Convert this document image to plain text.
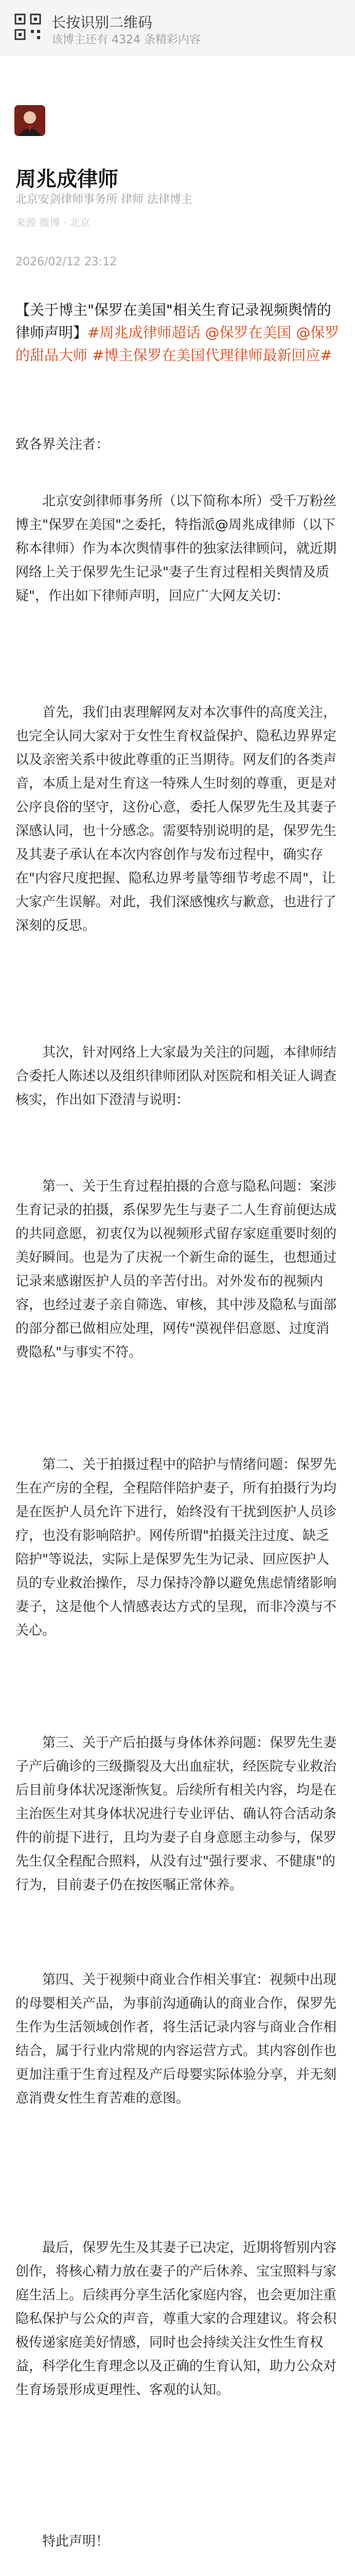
长按识别二维码
该博主还有 4324 条精彩内容
周兆成律师
北京安剑律师事务所 律师 法律博主
来源 微博 · 北京
2026/02/12 23:12
【关于博主"保罗在美国"相关生育记录视频舆情的律师声明】#周兆成律师超话 @保罗在美国 @保罗的甜品大师 #博主保罗在美国代理律师最新回应#

致各界关注者：

北京安剑律师事务所（以下简称本所）受千万粉丝博主"保罗在美国"之委托，特指派@周兆成律师（以下称本律师）作为本次舆情事件的独家法律顾问，就近期网络上关于保罗先生记录"妻子生育过程相关舆情及质疑"，作出如下律师声明，回应广大网友关切：

首先，我们由衷理解网友对本次事件的高度关注，也完全认同大家对于女性生育权益保护、隐私边界界定以及亲密关系中彼此尊重的正当期待。网友们的各类声音，本质上是对生育这一特殊人生时刻的尊重，更是对公序良俗的坚守，这份心意，委托人保罗先生及其妻子深感认同，也十分感念。需要特别说明的是，保罗先生及其妻子承认在本次内容创作与发布过程中，确实存在"内容尺度把握、隐私边界考量等细节考虑不周"，让大家产生误解。对此，我们深感愧疚与歉意，也进行了深刻的反思。

其次，针对网络上大家最为关注的问题，本律师结合委托人陈述以及组织律师团队对医院和相关证人调查核实，作出如下澄清与说明：

第一、关于生育过程拍摄的合意与隐私问题：案涉生育记录的拍摄，系保罗先生与妻子二人生育前便达成的共同意愿，初衷仅为以视频形式留存家庭重要时刻的美好瞬间。也是为了庆祝一个新生命的诞生，也想通过记录来感谢医护人员的辛苦付出。对外发布的视频内容，也经过妻子亲自筛选、审核，其中涉及隐私与面部的部分都已做相应处理，网传"漠视伴侣意愿、过度消费隐私"与事实不符。

第二、关于拍摄过程中的陪护与情绪问题：保罗先生在产房的全程，全程陪伴陪护妻子，所有拍摄行为均是在医护人员允许下进行，始终没有干扰到医护人员诊疗，也没有影响陪护。网传所谓"拍摄关注过度、缺乏陪护"等说法，实际上是保罗先生为记录、回应医护人员的专业救治操作，尽力保持冷静以避免焦虑情绪影响妻子，这是他个人情感表达方式的呈现，而非冷漠与不关心。

第三、关于产后拍摄与身体休养问题：保罗先生妻子产后确诊的三级撕裂及大出血症状，经医院专业救治后目前身体状况逐渐恢复。后续所有相关内容，均是在主治医生对其身体状况进行专业评估、确认符合活动条件的前提下进行，且均为妻子自身意愿主动参与，保罗先生仅全程配合照料，从没有过"强行要求、不健康"的行为，目前妻子仍在按医嘱正常休养。

第四、关于视频中商业合作相关事宜：视频中出现的母婴相关产品，为事前沟通确认的商业合作，保罗先生作为生活领域创作者，将生活记录内容与商业合作相结合，属于行业内常规的内容运营方式。其内容创作也更加注重于生育过程及产后母婴实际体验分享，并无刻意消费女性生育苦难的意图。

最后，保罗先生及其妻子已决定，近期将暂别内容创作，将核心精力放在妻子的产后休养、宝宝照料与家庭生活上。后续再分享生活化家庭内容，也会更加注重隐私保护与公众的声音，尊重大家的合理建议。将会积极传递家庭美好情感，同时也会持续关注女性生育权益，科学化生育理念以及正确的生育认知，助力公众对生育场景形成更理性、客观的认知。

特此声明！
